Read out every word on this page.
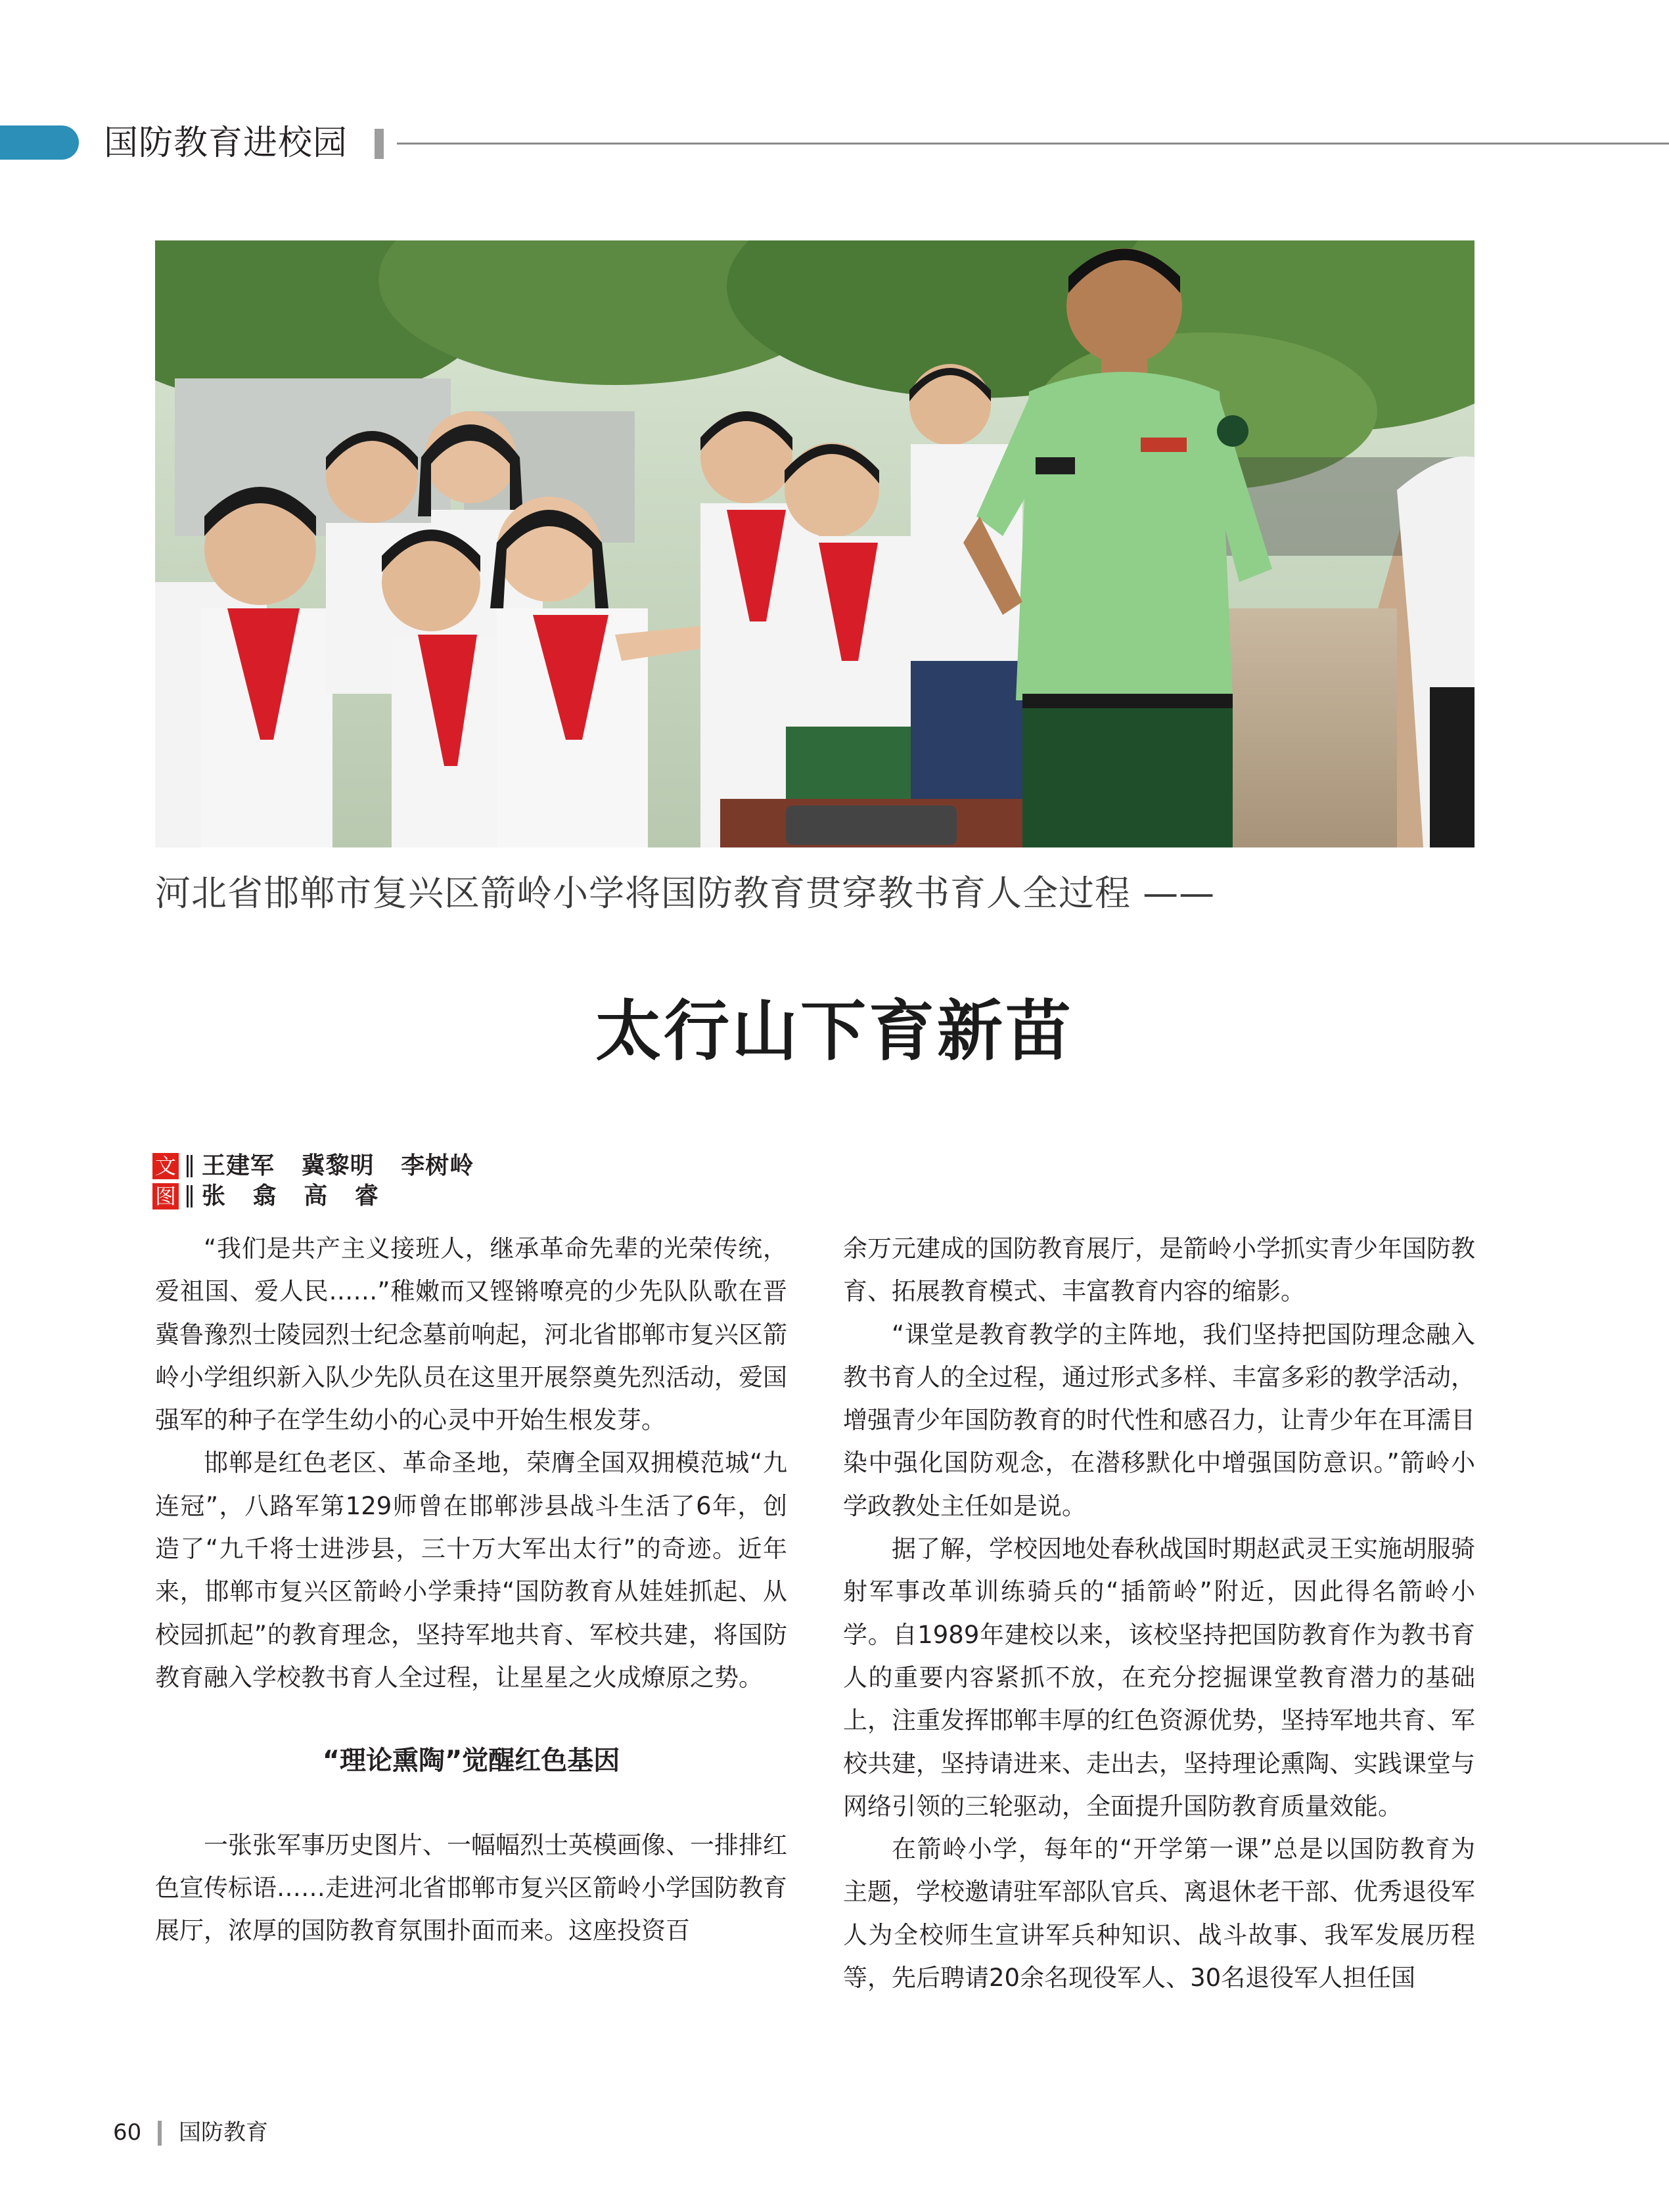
国防教育进校园
河北省邯郸市复兴区箭岭小学将国防教育贯穿教书育人全过程 ——
太行山下育新苗
文 王建军   冀黎明   李树岭
图 张   翕   高   睿

“我们是共产主义接班人，继承革命先辈的光荣传统，爱祖国、爱人民……”稚嫩而又铿锵嘹亮的少先队队歌在晋冀鲁豫烈士陵园烈士纪念墓前响起，河北省邯郸市复兴区箭岭小学组织新入队少先队员在这里开展祭奠先烈活动，爱国强军的种子在学生幼小的心灵中开始生根发芽。

邯郸是红色老区、革命圣地，荣膺全国双拥模范城“九连冠”，八路军第129师曾在邯郸涉县战斗生活了6年，创造了“九千将士进涉县，三十万大军出太行”的奇迹。近年来，邯郸市复兴区箭岭小学秉持“国防教育从娃娃抓起、从校园抓起”的教育理念，坚持军地共育、军校共建，将国防教育融入学校教书育人全过程，让星星之火成燎原之势。

“理论熏陶”觉醒红色基因

一张张军事历史图片、一幅幅烈士英模画像、一排排红色宣传标语……走进河北省邯郸市复兴区箭岭小学国防教育展厅，浓厚的国防教育氛围扑面而来。这座投资百

余万元建成的国防教育展厅，是箭岭小学抓实青少年国防教育、拓展教育模式、丰富教育内容的缩影。

“课堂是教育教学的主阵地，我们坚持把国防理念融入教书育人的全过程，通过形式多样、丰富多彩的教学活动，增强青少年国防教育的时代性和感召力，让青少年在耳濡目染中强化国防观念，在潜移默化中增强国防意识。”箭岭小学政教处主任如是说。

据了解，学校因地处春秋战国时期赵武灵王实施胡服骑射军事改革训练骑兵的“插箭岭”附近，因此得名箭岭小学。自1989年建校以来，该校坚持把国防教育作为教书育人的重要内容紧抓不放，在充分挖掘课堂教育潜力的基础上，注重发挥邯郸丰厚的红色资源优势，坚持军地共育、军校共建，坚持请进来、走出去，坚持理论熏陶、实践课堂与网络引领的三轮驱动，全面提升国防教育质量效能。

在箭岭小学，每年的“开学第一课”总是以国防教育为主题，学校邀请驻军部队官兵、离退休老干部、优秀退役军人为全校师生宣讲军兵种知识、战斗故事、我军发展历程等，先后聘请20余名现役军人、30名退役军人担任国

60 国防教育
